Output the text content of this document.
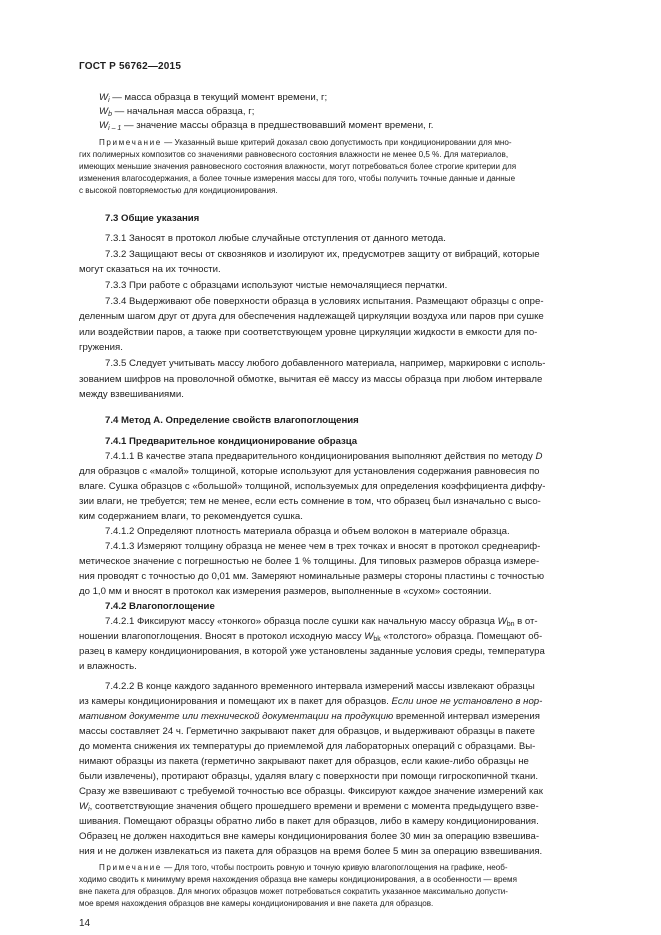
ГОСТ Р 56762—2015
$W_i$ — масса образца в текущий момент времени, г;
$W_b$ — начальная масса образца, г;
$W_{i - 1}$ — значение массы образца в предшествовавший момент времени, г.
Примечание — Указанный выше критерий доказал свою допустимость при кондиционировании для мно-
гих полимерных композитов со значениями равновесного состояния влажности не менее 0,5 %. Для материалов,
имеющих меньшие значения равновесного состояния влажности, могут потребоваться более строгие критерии для
изменения влагосодержания, а более точные измерения массы для того, чтобы получить точные данные и данные
с высокой повторяемостью для кондиционирования.
7.3 Общие указания
7.3.1 Заносят в протокол любые случайные отступления от данного метода.
7.3.2 Защищают весы от сквозняков и изолируют их, предусмотрев защиту от вибраций, которые
могут сказаться на их точности.
7.3.3 При работе с образцами используют чистые немочалящиеся перчатки.
7.3.4 Выдерживают обе поверхности образца в условиях испытания. Размещают образцы с опре-
деленным шагом друг от друга для обеспечения надлежащей циркуляции воздуха или паров при сушке
или воздействии паров, а также при соответствующем уровне циркуляции жидкости в емкости для по-
гружения.
7.3.5 Следует учитывать массу любого добавленного материала, например, маркировки с исполь-
зованием шифров на проволочной обмотке, вычитая её массу из массы образца при любом интервале
между взвешиваниями.
7.4 Метод А. Определение свойств влагопоглощения
7.4.1 Предварительное кондиционирование образца
7.4.1.1 В качестве этапа предварительного кондиционирования выполняют действия по методу D
для образцов с «малой» толщиной, которые используют для установления содержания равновесия по
влаге. Сушка образцов с «большой» толщиной, используемых для определения коэффициента диффу-
зии влаги, не требуется; тем не менее, если есть сомнение в том, что образец был изначально с высо-
ким содержанием влаги, то рекомендуется сушка.
7.4.1.2 Определяют плотность материала образца и объем волокон в материале образца.
7.4.1.3 Измеряют толщину образца не менее чем в трех точках и вносят в протокол среднеариф-
метическое значение с погрешностью не более 1 % толщины. Для типовых размеров образца измере-
ния проводят с точностью до 0,01 мм. Замеряют номинальные размеры стороны пластины с точностью
до 1,0 мм и вносят в протокол как измерения размеров, выполненные в «сухом» состоянии.
7.4.2 Влагопоглощение
7.4.2.1 Фиксируют массу «тонкого» образца после сушки как начальную массу образца $W_{bn}$ в от-
ношении влагопоглощения. Вносят в протокол исходную массу $W_{bk}$ «толстого» образца. Помещают об-
разец в камеру кондиционирования, в которой уже установлены заданные условия среды, температура
и влажность.
7.4.2.2 В конце каждого заданного временного интервала измерений массы извлекают образцы
из камеры кондиционирования и помещают их в пакет для образцов. Если иное не установлено в нор-
мативном документе или технической документации на продукцию временной интервал измерения
массы составляет 24 ч. Герметично закрывают пакет для образцов, и выдерживают образцы в пакете
до момента снижения их температуры до приемлемой для лабораторных операций с образцами. Вы-
нимают образцы из пакета (герметично закрывают пакет для образцов, если какие-либо образцы не
были извлечены), протирают образцы, удаляя влагу с поверхности при помощи гигроскопичной ткани.
Сразу же взвешивают с требуемой точностью все образцы. Фиксируют каждое значение измерений как
$W_i$, соответствующие значения общего прошедшего времени и времени с момента предыдущего взве-
шивания. Помещают образцы обратно либо в пакет для образцов, либо в камеру кондиционирования.
Образец не должен находиться вне камеры кондиционирования более 30 мин за операцию взвешива-
ния и не должен извлекаться из пакета для образцов на время более 5 мин за операцию взвешивания.
Примечание — Для того, чтобы построить ровную и точную кривую влагопоглощения на графике, необ-
ходимо сводить к минимуму время нахождения образца вне камеры кондиционирования, а в особенности — время
вне пакета для образцов. Для многих образцов может потребоваться сократить указанное максимально допусти-
мое время нахождения образцов вне камеры кондиционирования и вне пакета для образцов.
14
